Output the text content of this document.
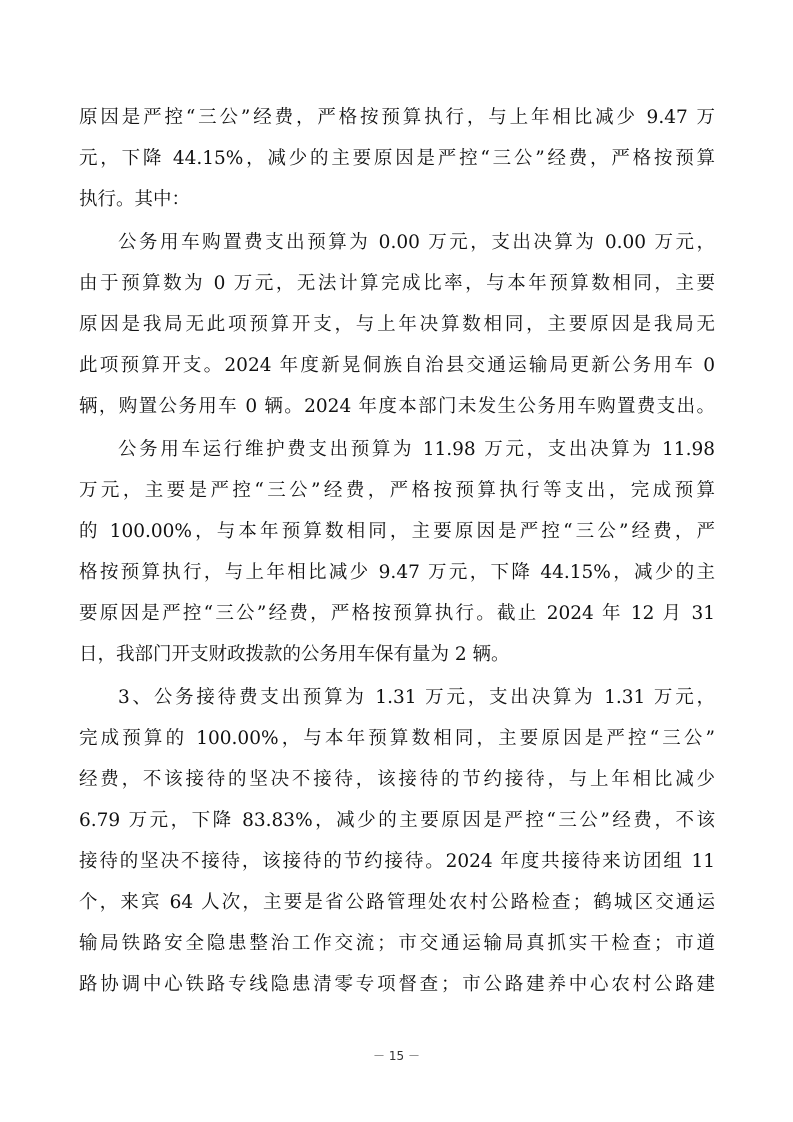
原因是严控“三公”经费，严格按预算执行，与上年相比减少 9.47 万
元，下降 44.15%，减少的主要原因是严控“三公”经费，严格按预算
执行。其中：
公务用车购置费支出预算为 0.00 万元，支出决算为 0.00 万元，
由于预算数为 0 万元，无法计算完成比率，与本年预算数相同，主要
原因是我局无此项预算开支，与上年决算数相同，主要原因是我局无
此项预算开支。2024 年度新晃侗族自治县交通运输局更新公务用车 0
辆，购置公务用车 0 辆。2024 年度本部门未发生公务用车购置费支出。
公务用车运行维护费支出预算为 11.98 万元，支出决算为 11.98
万元，主要是严控“三公”经费，严格按预算执行等支出，完成预算
的 100.00%，与本年预算数相同，主要原因是严控“三公”经费，严
格按预算执行，与上年相比减少 9.47 万元，下降 44.15%，减少的主
要原因是严控“三公”经费，严格按预算执行。截止 2024 年 12 月 31
日，我部门开支财政拨款的公务用车保有量为 2 辆。
3、公务接待费支出预算为 1.31 万元，支出决算为 1.31 万元，
完成预算的 100.00%，与本年预算数相同，主要原因是严控“三公”
经费，不该接待的坚决不接待，该接待的节约接待，与上年相比减少
6.79 万元，下降 83.83%，减少的主要原因是严控“三公”经费，不该
接待的坚决不接待，该接待的节约接待。2024 年度共接待来访团组 11
个，来宾 64 人次，主要是省公路管理处农村公路检查；鹤城区交通运
输局铁路安全隐患整治工作交流；市交通运输局真抓实干检查；市道
路协调中心铁路专线隐患清零专项督查；市公路建养中心农村公路建
－ 15 －
